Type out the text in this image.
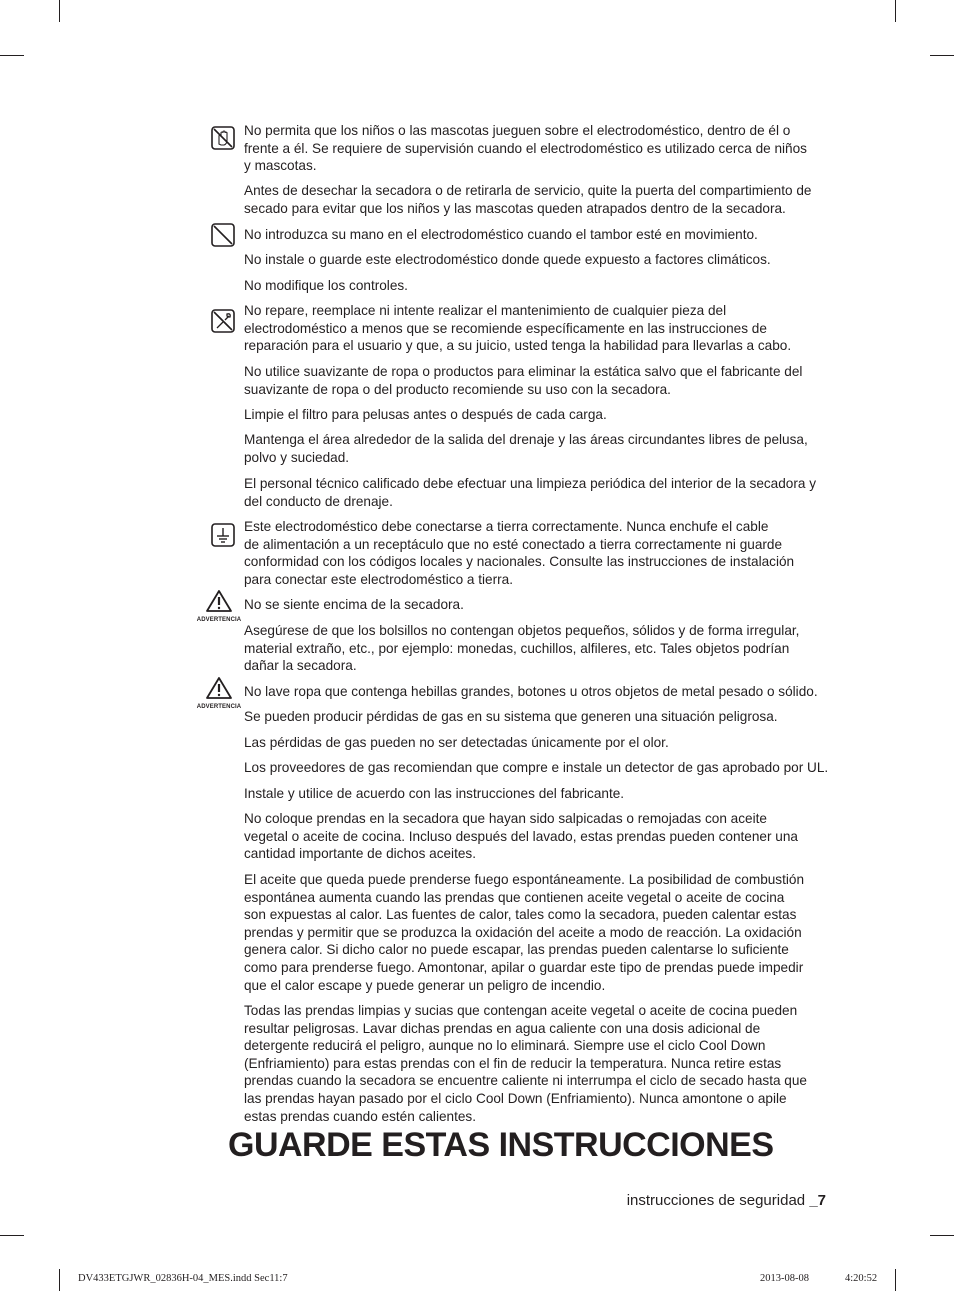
ADVERTENCIA
ADVERTENCIA
No permita que los niños o las mascotas jueguen sobre el electrodoméstico, dentro de él o
frente a él. Se requiere de supervisión cuando el electrodoméstico es utilizado cerca de niños
y mascotas.
Antes de desechar la secadora o de retirarla de servicio, quite la puerta del compartimiento de
secado para evitar que los niños y las mascotas queden atrapados dentro de la secadora.
No introduzca su mano en el electrodoméstico cuando el tambor esté en movimiento.
No instale o guarde este electrodoméstico donde quede expuesto a factores climáticos.
No modifique los controles.
No repare, reemplace ni intente realizar el mantenimiento de cualquier pieza del
electrodoméstico a menos que se recomiende específicamente en las instrucciones de
reparación para el usuario y que, a su juicio, usted tenga la habilidad para llevarlas a cabo.
No utilice suavizante de ropa o productos para eliminar la estática salvo que el fabricante del
suavizante de ropa o del producto recomiende su uso con la secadora.
Limpie el filtro para pelusas antes o después de cada carga.
Mantenga el área alrededor de la salida del drenaje y las áreas circundantes libres de pelusa,
polvo y suciedad.
El personal técnico calificado debe efectuar una limpieza periódica del interior de la secadora y
del conducto de drenaje.
Este electrodoméstico debe conectarse a tierra correctamente. Nunca enchufe el cable
de alimentación a un receptáculo que no esté conectado a tierra correctamente ni guarde
conformidad con los códigos locales y nacionales. Consulte las instrucciones de instalación
para conectar este electrodoméstico a tierra.
No se siente encima de la secadora.
Asegúrese de que los bolsillos no contengan objetos pequeños, sólidos y de forma irregular,
material extraño, etc., por ejemplo: monedas, cuchillos, alfileres, etc. Tales objetos podrían
dañar la secadora.
No lave ropa que contenga hebillas grandes, botones u otros objetos de metal pesado o sólido.
Se pueden producir pérdidas de gas en su sistema que generen una situación peligrosa.
Las pérdidas de gas pueden no ser detectadas únicamente por el olor.
Los proveedores de gas recomiendan que compre e instale un detector de gas aprobado por UL.
Instale y utilice de acuerdo con las instrucciones del fabricante.
No coloque prendas en la secadora que hayan sido salpicadas o remojadas con aceite
vegetal o aceite de cocina. Incluso después del lavado, estas prendas pueden contener una
cantidad importante de dichos aceites.
El aceite que queda puede prenderse fuego espontáneamente. La posibilidad de combustión
espontánea aumenta cuando las prendas que contienen aceite vegetal o aceite de cocina
son expuestas al calor. Las fuentes de calor, tales como la secadora, pueden calentar estas
prendas y permitir que se produzca la oxidación del aceite a modo de reacción. La oxidación
genera calor. Si dicho calor no puede escapar, las prendas pueden calentarse lo suficiente
como para prenderse fuego. Amontonar, apilar o guardar este tipo de prendas puede impedir
que el calor escape y puede generar un peligro de incendio.
Todas las prendas limpias y sucias que contengan aceite vegetal o aceite de cocina pueden
resultar peligrosas. Lavar dichas prendas en agua caliente con una dosis adicional de
detergente reducirá el peligro, aunque no lo eliminará. Siempre use el ciclo Cool Down
(Enfriamiento) para estas prendas con el fin de reducir la temperatura. Nunca retire estas
prendas cuando la secadora se encuentre caliente ni interrumpa el ciclo de secado hasta que
las prendas hayan pasado por el ciclo Cool Down (Enfriamiento). Nunca amontone o apile
estas prendas cuando estén calientes.
GUARDE ESTAS INSTRUCCIONES
instrucciones de seguridad _7
DV433ETGJWR_02836H-04_MES.indd Sec11:7	2013-08-08	4:20:52
